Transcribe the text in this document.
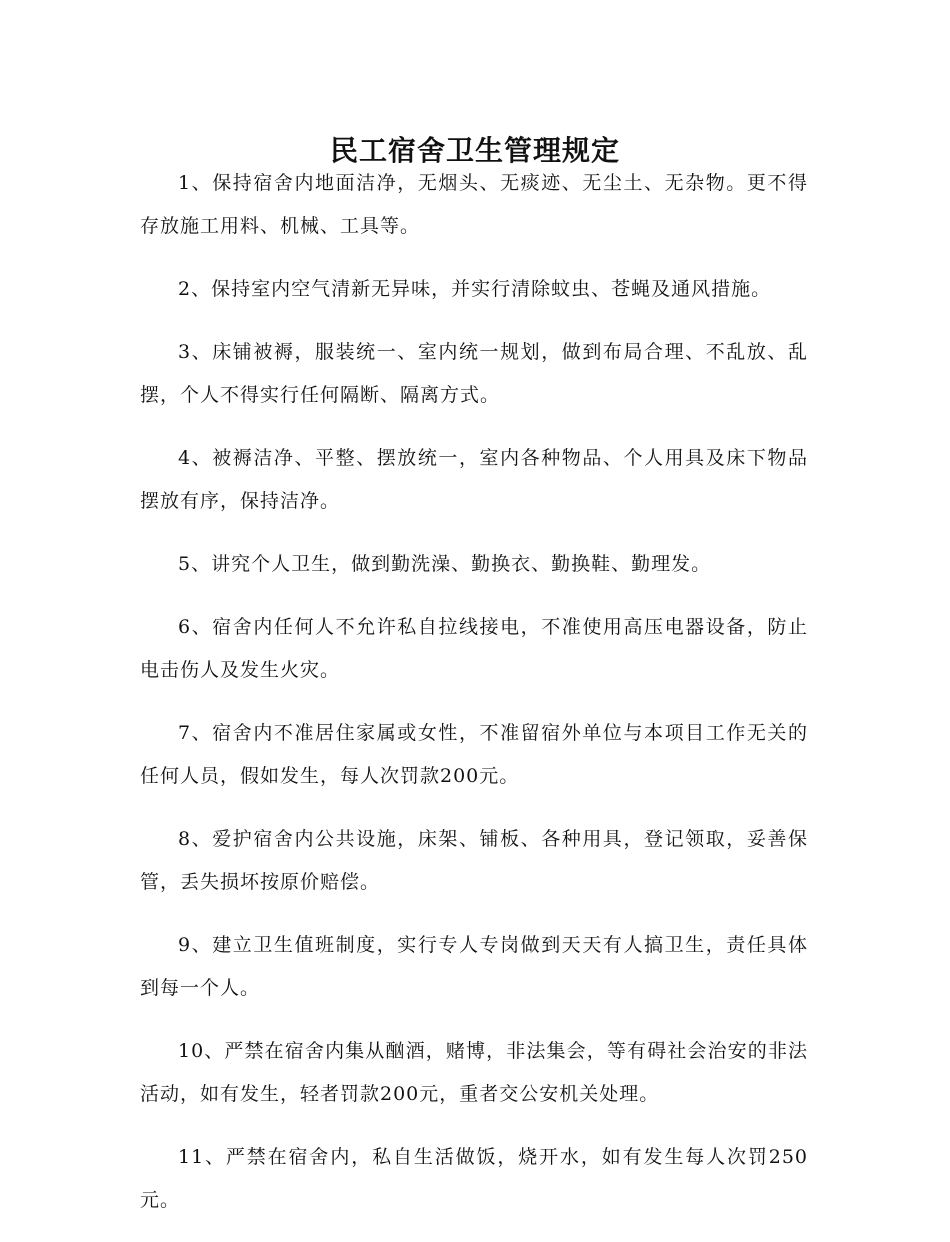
民工宿舍卫生管理规定

1、保持宿舍内地面洁净，无烟头、无痰迹、无尘土、无杂物。更不得存放施工用料、机械、工具等。

2、保持室内空气清新无异味，并实行清除蚊虫、苍蝇及通风措施。

3、床铺被褥，服装统一、室内统一规划，做到布局合理、不乱放、乱摆，个人不得实行任何隔断、隔离方式。

4、被褥洁净、平整、摆放统一，室内各种物品、个人用具及床下物品摆放有序，保持洁净。

5、讲究个人卫生，做到勤洗澡、勤换衣、勤换鞋、勤理发。

6、宿舍内任何人不允许私自拉线接电，不准使用高压电器设备，防止电击伤人及发生火灾。

7、宿舍内不准居住家属或女性，不准留宿外单位与本项目工作无关的任何人员，假如发生，每人次罚款200元。

8、爱护宿舍内公共设施，床架、铺板、各种用具，登记领取，妥善保管，丢失损坏按原价赔偿。

9、建立卫生值班制度，实行专人专岗做到天天有人搞卫生，责任具体到每一个人。

10、严禁在宿舍内集从酗酒，赌博，非法集会，等有碍社会治安的非法活动，如有发生，轻者罚款200元，重者交公安机关处理。

11、严禁在宿舍内，私自生活做饭，烧开水，如有发生每人次罚250元。
